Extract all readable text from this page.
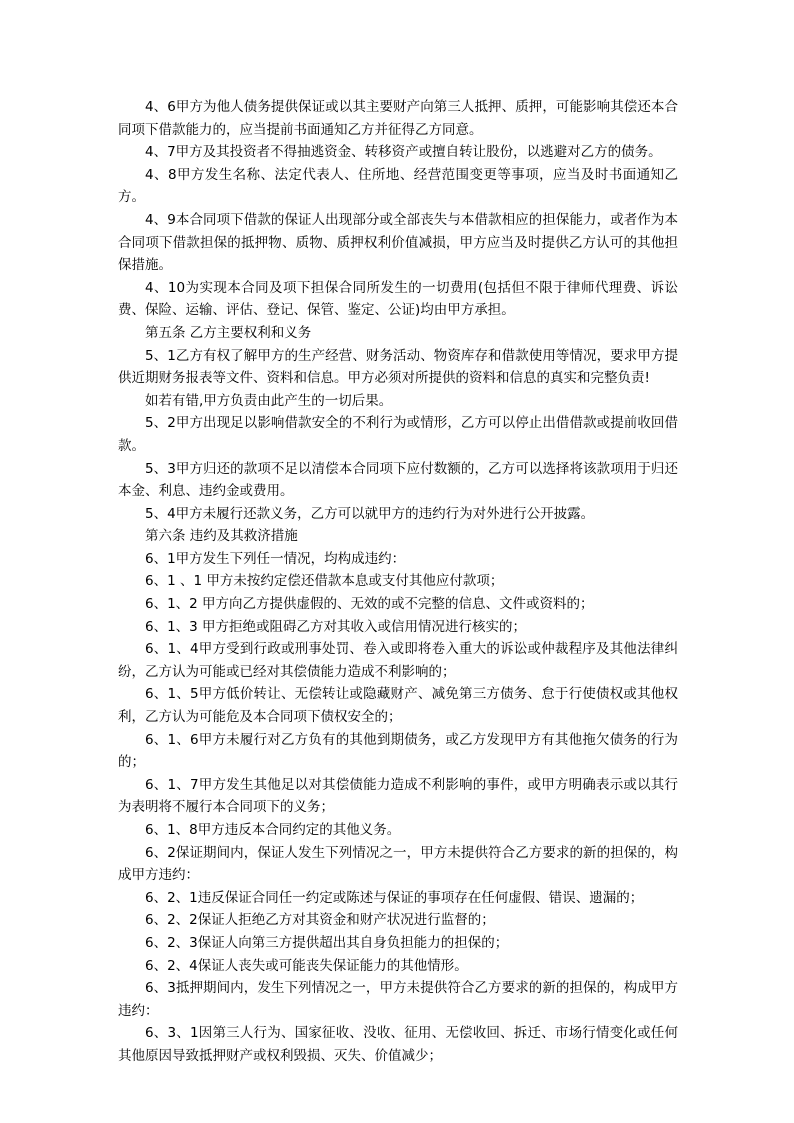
4、6甲方为他人债务提供保证或以其主要财产向第三人抵押、质押，可能影响其偿还本合同项下借款能力的，应当提前书面通知乙方并征得乙方同意。

4、7甲方及其投资者不得抽逃资金、转移资产或擅自转让股份，以逃避对乙方的债务。

4、8甲方发生名称、法定代表人、住所地、经营范围变更等事项，应当及时书面通知乙方。

4、9本合同项下借款的保证人出现部分或全部丧失与本借款相应的担保能力，或者作为本合同项下借款担保的抵押物、质物、质押权利价值减损，甲方应当及时提供乙方认可的其他担保措施。

4、10为实现本合同及项下担保合同所发生的一切费用(包括但不限于律师代理费、诉讼费、保险、运输、评估、登记、保管、鉴定、公证)均由甲方承担。

第五条 乙方主要权利和义务

5、1乙方有权了解甲方的生产经营、财务活动、物资库存和借款使用等情况，要求甲方提供近期财务报表等文件、资料和信息。甲方必须对所提供的资料和信息的真实和完整负责!

如若有错,甲方负责由此产生的一切后果。

5、2甲方出现足以影响借款安全的不利行为或情形，乙方可以停止出借借款或提前收回借款。

5、3甲方归还的款项不足以清偿本合同项下应付数额的，乙方可以选择将该款项用于归还本金、利息、违约金或费用。

5、4甲方未履行还款义务，乙方可以就甲方的违约行为对外进行公开披露。

第六条 违约及其救济措施

6、1甲方发生下列任一情况，均构成违约：

6、1 、1 甲方未按约定偿还借款本息或支付其他应付款项；

6、1、2 甲方向乙方提供虚假的、无效的或不完整的信息、文件或资料的；

6、1、3 甲方拒绝或阻碍乙方对其收入或信用情况进行核实的；

6、1、4甲方受到行政或刑事处罚、卷入或即将卷入重大的诉讼或仲裁程序及其他法律纠纷，乙方认为可能或已经对其偿债能力造成不利影响的；

6、1、5甲方低价转让、无偿转让或隐藏财产、减免第三方债务、怠于行使债权或其他权利，乙方认为可能危及本合同项下债权安全的；

6、1、6甲方未履行对乙方负有的其他到期债务，或乙方发现甲方有其他拖欠债务的行为的；

6、1、7甲方发生其他足以对其偿债能力造成不利影响的事件，或甲方明确表示或以其行为表明将不履行本合同项下的义务；

6、1、8甲方违反本合同约定的其他义务。

6、2保证期间内，保证人发生下列情况之一，甲方未提供符合乙方要求的新的担保的，构成甲方违约：

6、2、1违反保证合同任一约定或陈述与保证的事项存在任何虚假、错误、遗漏的；

6、2、2保证人拒绝乙方对其资金和财产状况进行监督的；

6、2、3保证人向第三方提供超出其自身负担能力的担保的；

6、2、4保证人丧失或可能丧失保证能力的其他情形。

6、3抵押期间内，发生下列情况之一，甲方未提供符合乙方要求的新的担保的，构成甲方违约：

6、3、1因第三人行为、国家征收、没收、征用、无偿收回、拆迁、市场行情变化或任何其他原因导致抵押财产或权利毁损、灭失、价值减少；
